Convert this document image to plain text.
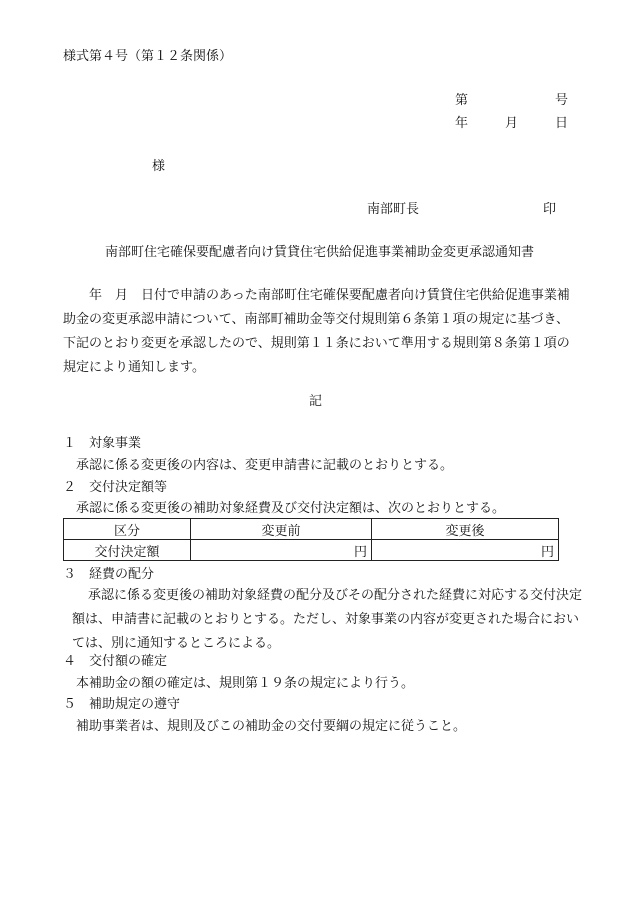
様式第４号（第１２条関係）
第	号
年	月	日
様
南部町長	印
南部町住宅確保要配慮者向け賃貸住宅供給促進事業補助金変更承認通知書
　　年　月　日付で申請のあった南部町住宅確保要配慮者向け賃貸住宅供給促進事業補
助金の変更承認申請について、南部町補助金等交付規則第６条第１項の規定に基づき、
下記のとおり変更を承認したので、規則第１１条において準用する規則第８条第１項の
規定により通知します。
記
１　対象事業
承認に係る変更後の内容は、変更申請書に記載のとおりとする。
２　交付決定額等
承認に係る変更後の補助対象経費及び交付決定額は、次のとおりとする。
区分	変更前	変更後
交付決定額	円	円
３　経費の配分
承認に係る変更後の補助対象経費の配分及びその配分された経費に対応する交付決定
額は、申請書に記載のとおりとする。ただし、対象事業の内容が変更された場合におい
ては、別に通知するところによる。
４　交付額の確定
本補助金の額の確定は、規則第１９条の規定により行う。
５　補助規定の遵守
補助事業者は、規則及びこの補助金の交付要綱の規定に従うこと。
